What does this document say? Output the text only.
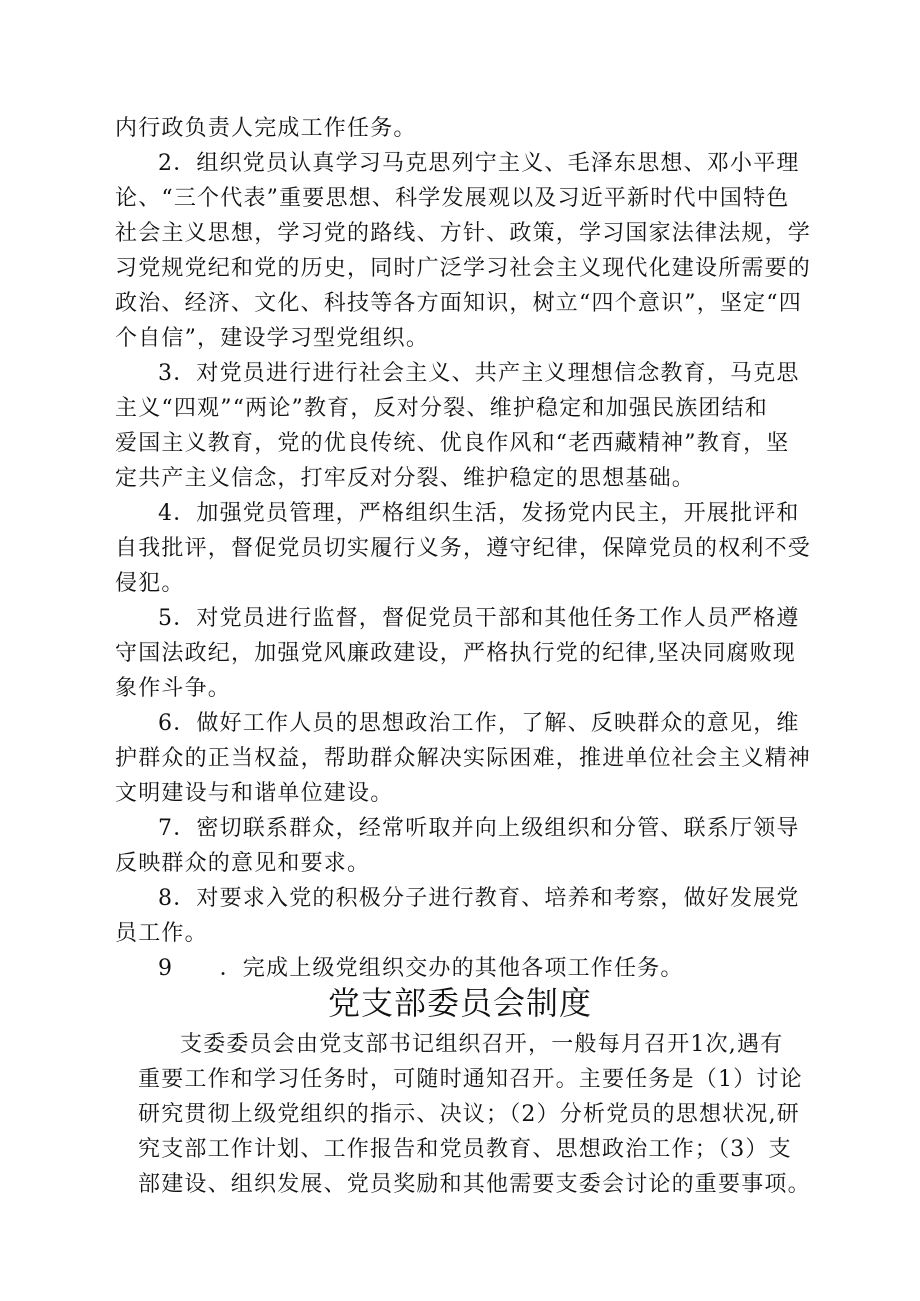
内行政负责人完成工作任务。
2．组织党员认真学习马克思列宁主义、毛泽东思想、邓小平理
论、“三个代表”重要思想、科学发展观以及习近平新时代中国特色
社会主义思想，学习党的路线、方针、政策，学习国家法律法规，学
习党规党纪和党的历史，同时广泛学习社会主义现代化建设所需要的
政治、经济、文化、科技等各方面知识，树立“四个意识”，坚定“四
个自信”，建设学习型党组织。
3．对党员进行进行社会主义、共产主义理想信念教育，马克思
主义“四观”“两论”教育，反对分裂、维护稳定和加强民族团结和
爱国主义教育，党的优良传统、优良作风和“老西藏精神”教育，坚
定共产主义信念，打牢反对分裂、维护稳定的思想基础。
4．加强党员管理，严格组织生活，发扬党内民主，开展批评和
自我批评，督促党员切实履行义务，遵守纪律，保障党员的权利不受
侵犯。
5．对党员进行监督，督促党员干部和其他任务工作人员严格遵
守国法政纪，加强党风廉政建设，严格执行党的纪律,坚决同腐败现
象作斗争。
6．做好工作人员的思想政治工作，了解、反映群众的意见，维
护群众的正当权益，帮助群众解决实际困难，推进单位社会主义精神
文明建设与和谐单位建设。
7．密切联系群众，经常听取并向上级组织和分管、联系厅领导
反映群众的意见和要求。
8．对要求入党的积极分子进行教育、培养和考察，做好发展党
员工作。
9　　．完成上级党组织交办的其他各项工作任务。
党支部委员会制度
支委委员会由党支部书记组织召开，一般每月召开1次,遇有
重要工作和学习任务时，可随时通知召开。主要任务是（1）讨论
研究贯彻上级党组织的指示、决议；（2）分析党员的思想状况,研
究支部工作计划、工作报告和党员教育、思想政治工作；（3）支
部建设、组织发展、党员奖励和其他需要支委会讨论的重要事项。
